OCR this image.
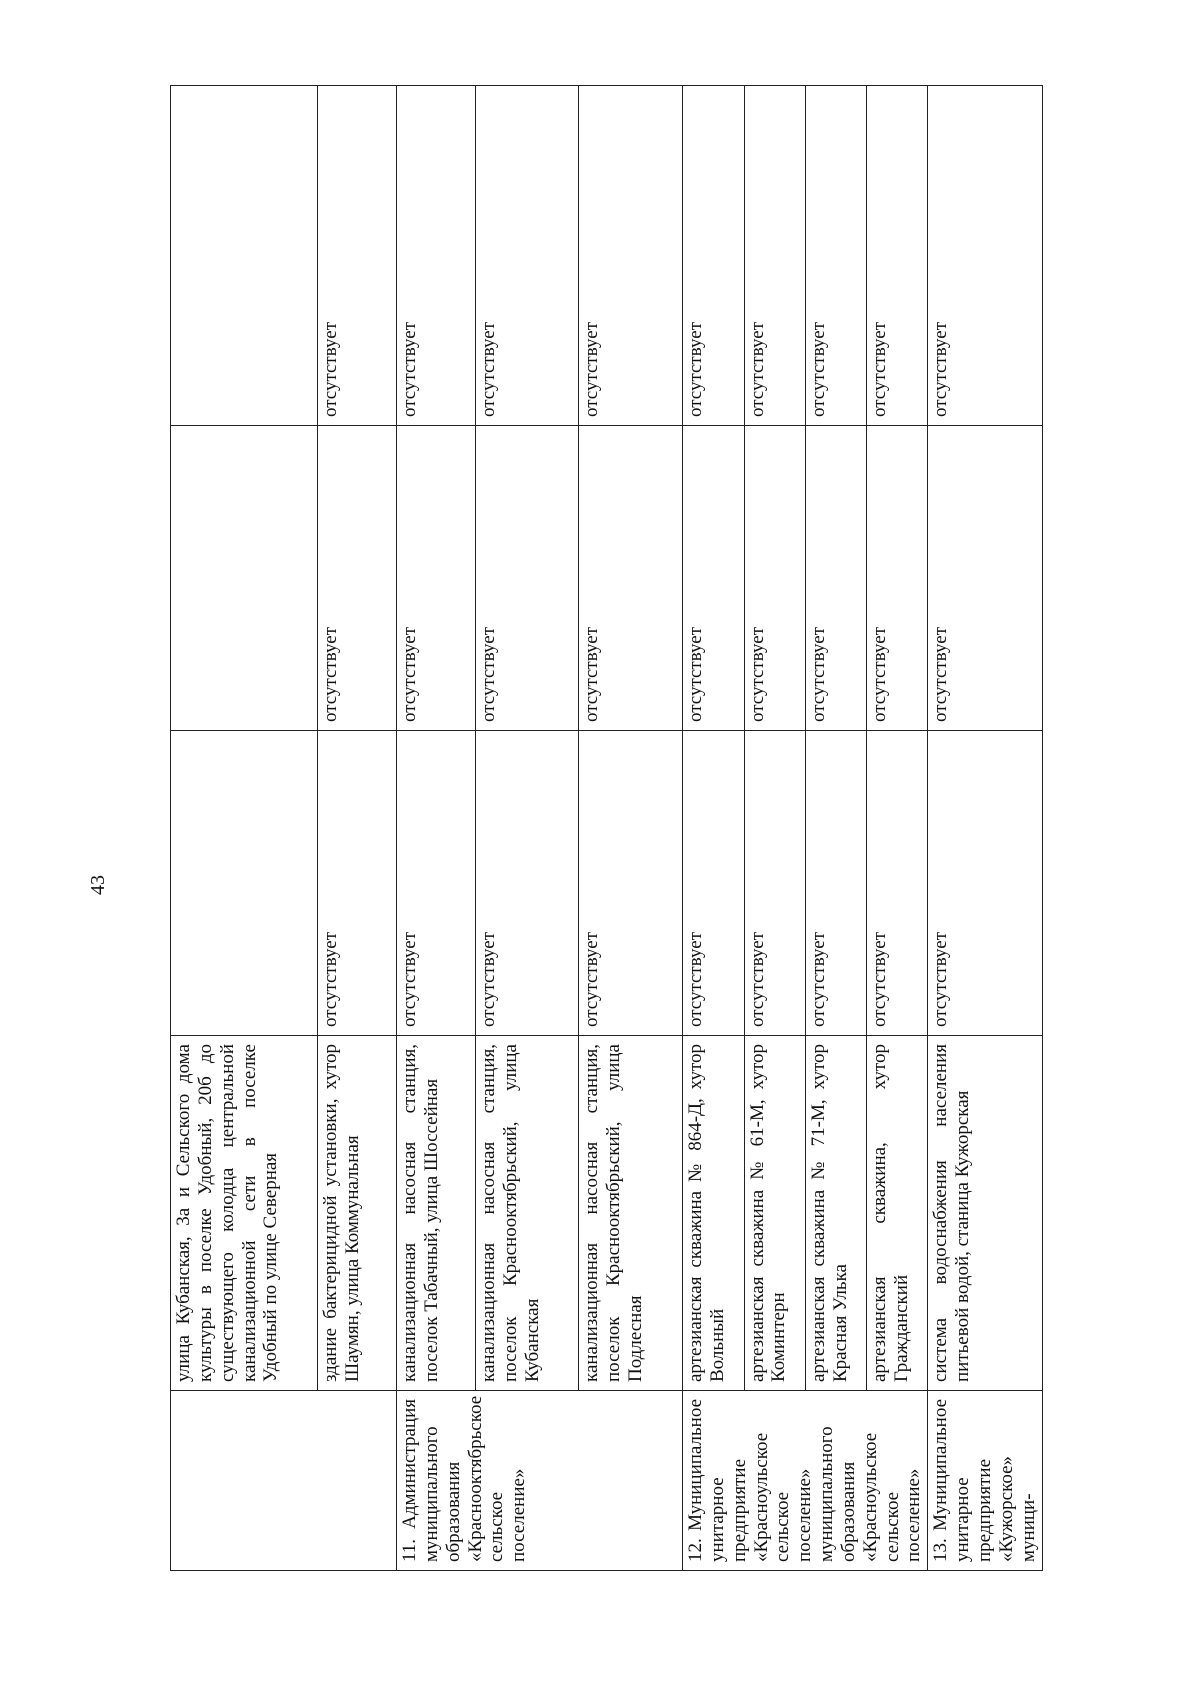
43
	улица Кубанская, 3а и Сельского дома культуры в поселке Удобный, 20б до существующего колодца центральной канализационной сети в поселке Удобный по улице Северная			
	здание бактерицидной установки, хутор Шаумян, улица Коммунальная	отсутствует	отсутствует	отсутствует
11. Администрация муниципального образования «Краснооктябрьское сельское поселение»	канализационная насосная станция, поселок Табачный, улица Шоссейная	отсутствует	отсутствует	отсутствует
	канализационная насосная станция, поселок Краснооктябрьский, улица Кубанская	отсутствует	отсутствует	отсутствует
	канализационная насосная станция, поселок Краснооктябрьский, улица Подлесная	отсутствует	отсутствует	отсутствует
12. Муниципальное унитарное предприятие «Красноульское сельское поселение» муниципального образования «Красноульское сельское поселение»	артезианская скважина № 864-Д, хутор Вольный	отсутствует	отсутствует	отсутствует
	артезианская скважина № 61-М, хутор Коминтерн	отсутствует	отсутствует	отсутствует
	артезианская скважина № 71-М, хутор Красная Улька	отсутствует	отсутствует	отсутствует
	артезианская скважина, хутор Гражданский	отсутствует	отсутствует	отсутствует
13. Муниципальное унитарное предприятие «Кужорское» муници-	система водоснабжения населения питьевой водой, станица Кужорская	отсутствует	отсутствует	отсутствует
